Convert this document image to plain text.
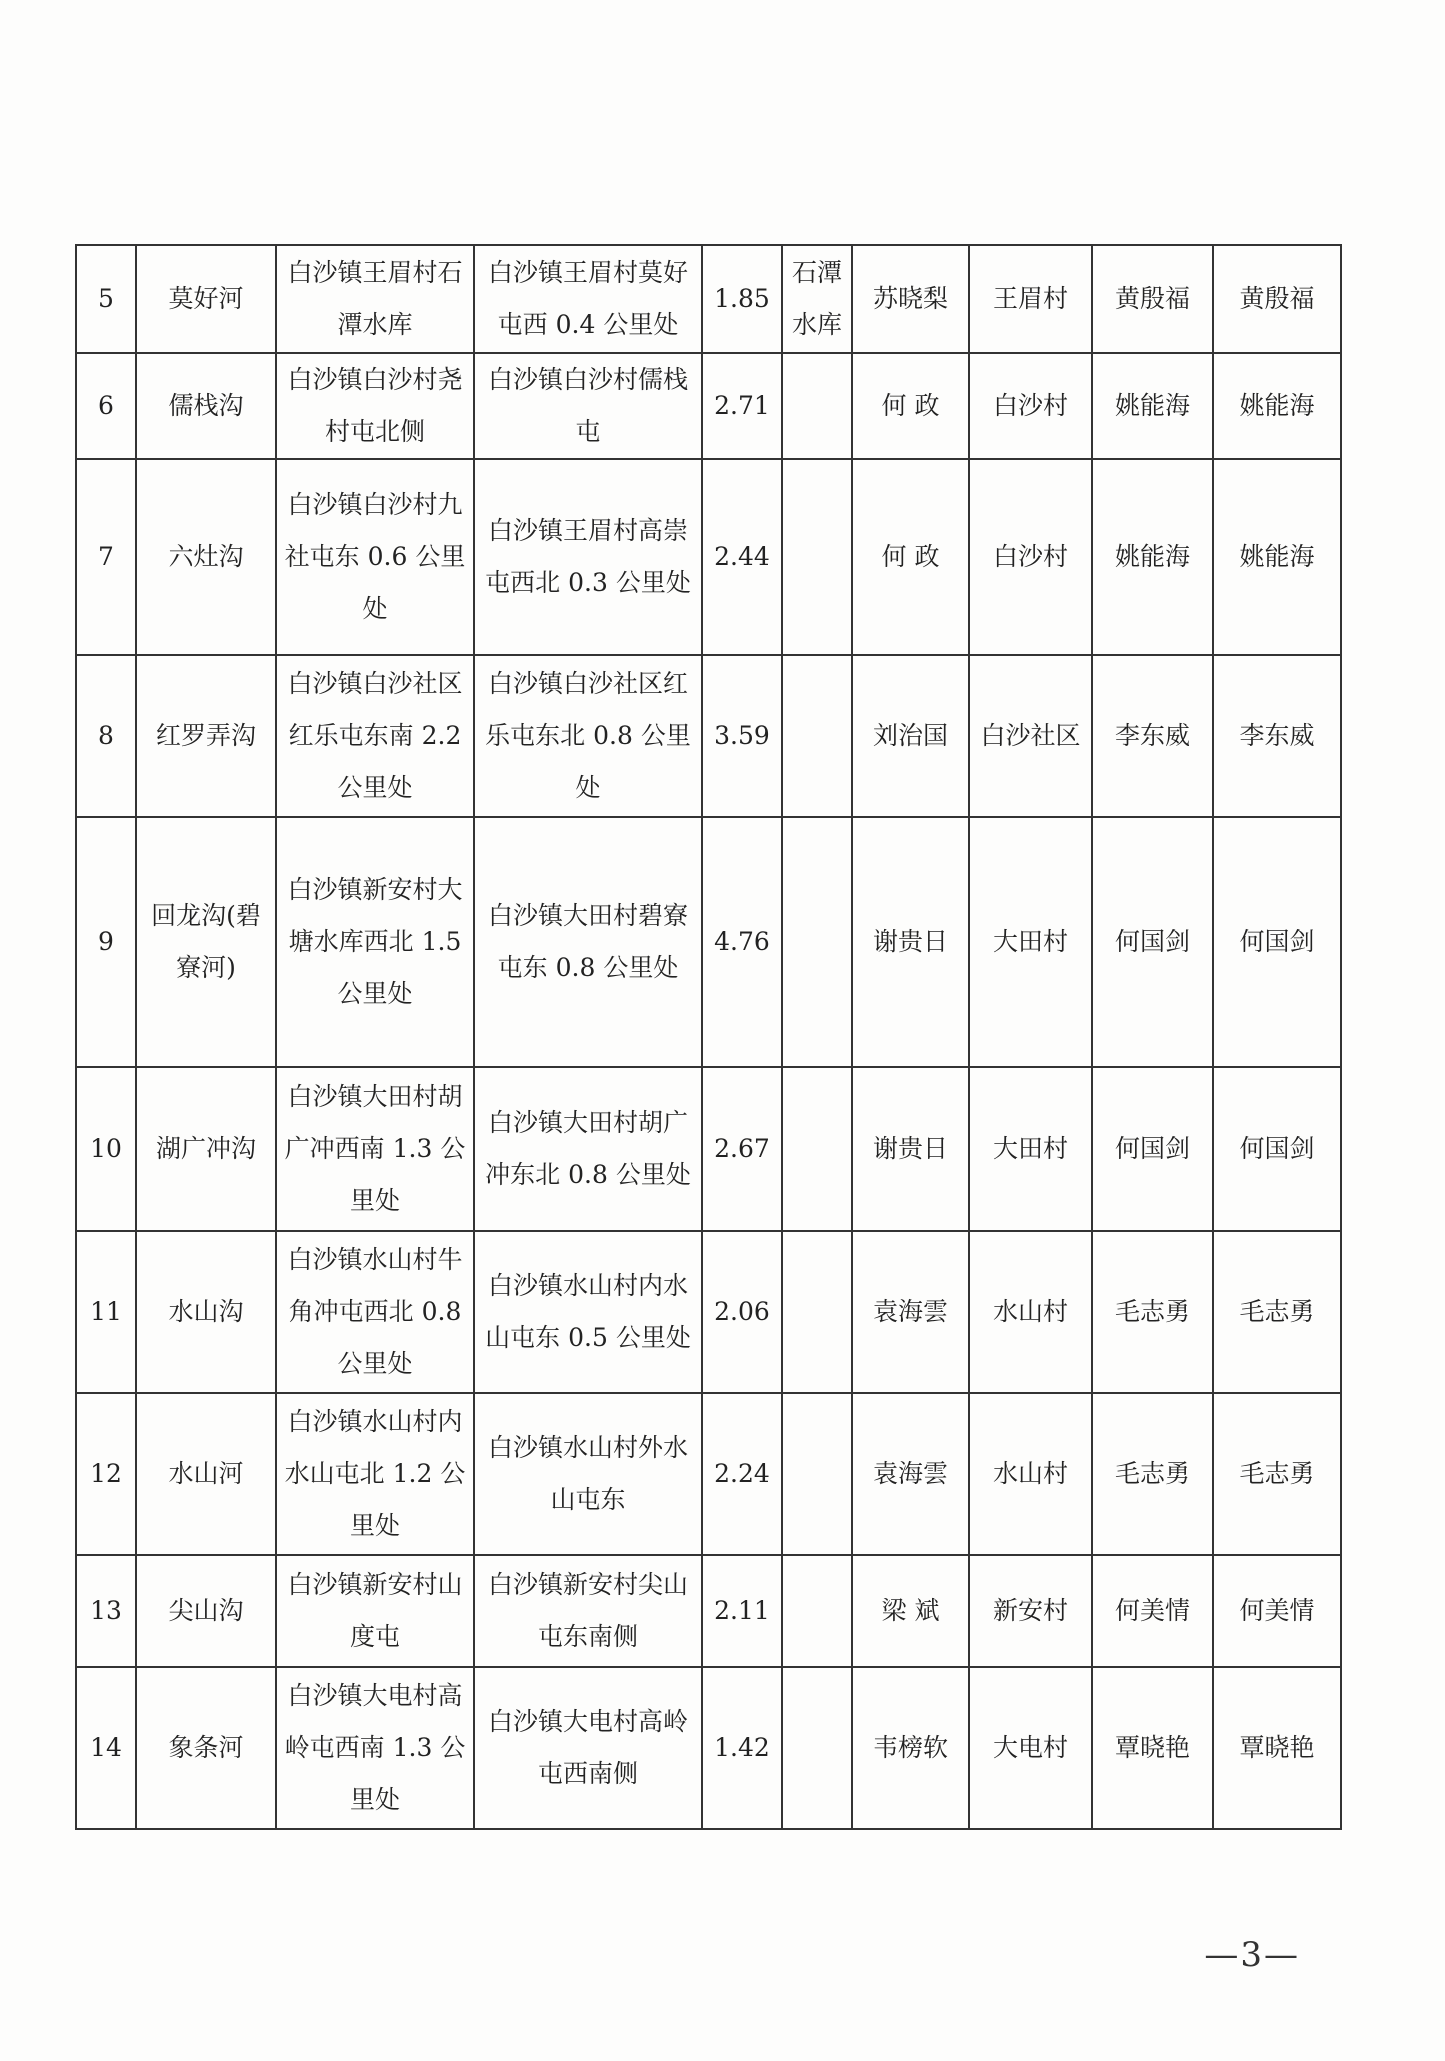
5	莫好河	白沙镇王眉村石潭水库	白沙镇王眉村莫好屯西 0.4 公里处	1.85	石潭水库	苏晓梨	王眉村	黄殷福	黄殷福
6	儒栈沟	白沙镇白沙村尧村屯北侧	白沙镇白沙村儒栈屯	2.71		何 政	白沙村	姚能海	姚能海
7	六灶沟	白沙镇白沙村九社屯东 0.6 公里处	白沙镇王眉村高崇屯西北 0.3 公里处	2.44		何 政	白沙村	姚能海	姚能海
8	红罗弄沟	白沙镇白沙社区红乐屯东南 2.2 公里处	白沙镇白沙社区红乐屯东北 0.8 公里处	3.59		刘治国	白沙社区	李东威	李东威
9	回龙沟(碧寮河)	白沙镇新安村大塘水库西北 1.5 公里处	白沙镇大田村碧寮屯东 0.8 公里处	4.76		谢贵日	大田村	何国剑	何国剑
10	湖广冲沟	白沙镇大田村胡广冲西南 1.3 公里处	白沙镇大田村胡广冲东北 0.8 公里处	2.67		谢贵日	大田村	何国剑	何国剑
11	水山沟	白沙镇水山村牛角冲屯西北 0.8 公里处	白沙镇水山村内水山屯东 0.5 公里处	2.06		袁海雲	水山村	毛志勇	毛志勇
12	水山河	白沙镇水山村内水山屯北 1.2 公里处	白沙镇水山村外水山屯东	2.24		袁海雲	水山村	毛志勇	毛志勇
13	尖山沟	白沙镇新安村山度屯	白沙镇新安村尖山屯东南侧	2.11		梁 斌	新安村	何美情	何美情
14	象条河	白沙镇大电村高岭屯西南 1.3 公里处	白沙镇大电村高岭屯西南侧	1.42		韦榜软	大电村	覃晓艳	覃晓艳
—3—
